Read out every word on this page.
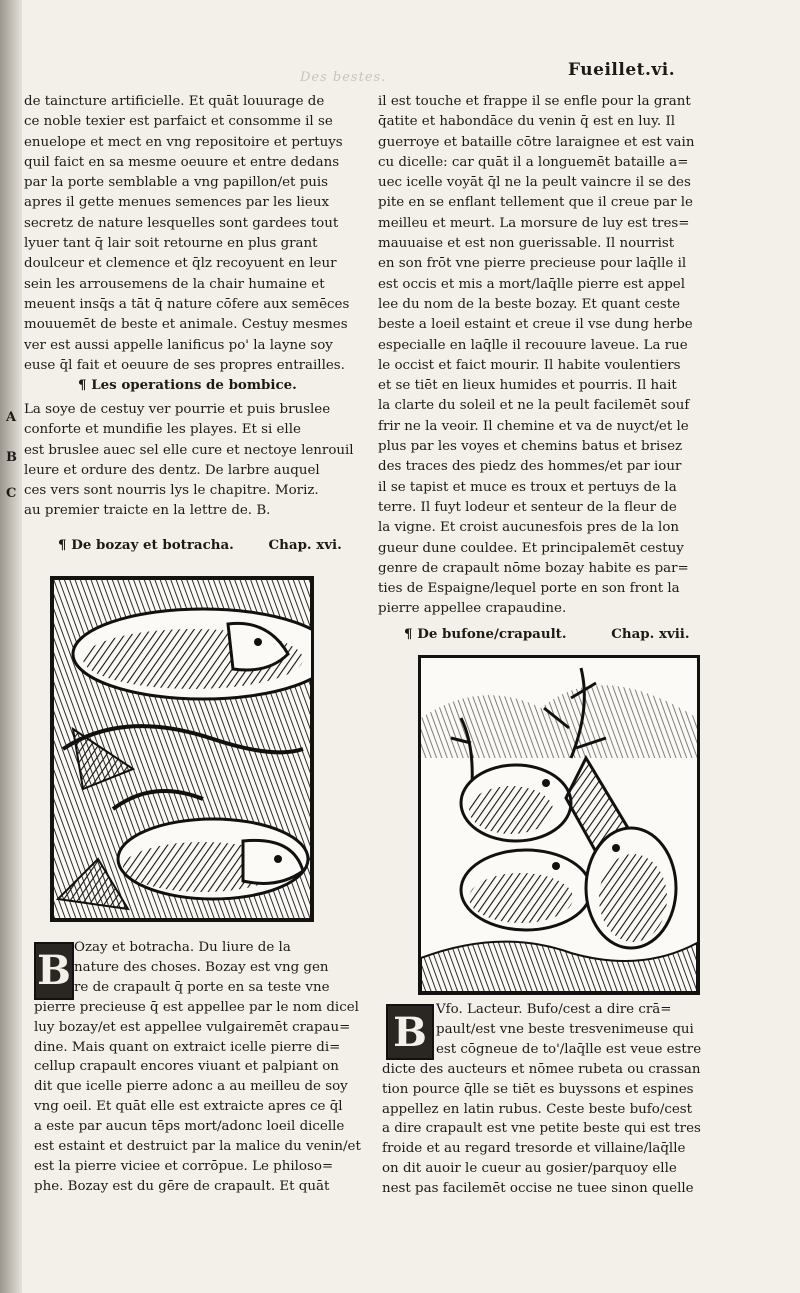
Des bestes.	Fueillet.vi.
de taincture artificielle. Et quāt louurage de
ce noble texier est parfaict et consomme il se
enuelope et mect en vng repositoire et pertuys
quil faict en sa mesme oeuure et entre dedans
par la porte semblable a vng papillon/et puis
apres il gette menues semences par les lieux
secretz de nature lesquelles sont gardees tout
lyuer tant q̄ lair soit retourne en plus grant
doulceur et clemence et q̄lz recoyuent en leur
sein les arrousemens de la chair humaine et
meuent insq̄s a tāt q̄ nature cōfere aux semēces
mouuemēt de beste et animale. Cestuy mesmes
ver est aussi appelle lanificus po' la layne soy
euse q̄l fait et oeuure de ses propres entrailles.
¶ Les operations de bombice.
La soye de cestuy ver pourrie et puis bruslee
conforte et mundifie les playes. Et si elle
est bruslee auec sel elle cure et nectoye lenrouil
leure et ordure des dentz. De larbre auquel
ces vers sont nourris lys le chapitre. Moriz.
au premier traicte en la lettre de. B.
A
B
C
¶ De bozay et botracha.	Chap. xvi.
B Ozay et botracha. Du liure de la
nature des choses. Bozay est vng gen
re de crapault q̄ porte en sa teste vne
pierre precieuse q̄ est appellee par le nom dicel
luy bozay/et est appellee vulgairemēt crapau=
dine. Mais quant on extraict icelle pierre di=
cellup crapault encores viuant et palpiant on
dit que icelle pierre adonc a au meilleu de soy
vng oeil. Et quāt elle est extraicte apres ce q̄l
a este par aucun tēps mort/adonc loeil dicelle
est estaint et destruict par la malice du venin/et
est la pierre viciee et corrōpue. Le philoso=
phe. Bozay est du gēre de crapault. Et quāt
il est touche et frappe il se enfle pour la grant
q̄atite et habondāce du venin q̄ est en luy. Il
guerroye et bataille cōtre laraignee et est vain
cu dicelle: car quāt il a longuemēt bataille a=
uec icelle voyāt q̄l ne la peult vaincre il se des
pite en se enflant tellement que il creue par le
meilleu et meurt. La morsure de luy est tres=
mauuaise et est non guerissable. Il nourrist
en son frōt vne pierre precieuse pour laq̄lle il
est occis et mis a mort/laq̄lle pierre est appel
lee du nom de la beste bozay. Et quant ceste
beste a loeil estaint et creue il vse dung herbe
especialle en laq̄lle il recouure laveue. La rue
le occist et faict mourir. Il habite voulentiers
et se tiēt en lieux humides et pourris. Il hait
la clarte du soleil et ne la peult facilemēt souf
frir ne la veoir. Il chemine et va de nuyct/et le
plus par les voyes et chemins batus et brisez
des traces des piedz des hommes/et par iour
il se tapist et muce es troux et pertuys de la
terre. Il fuyt lodeur et senteur de la fleur de
la vigne. Et croist aucunesfois pres de la lon
gueur dune couldee. Et principalemēt cestuy
genre de crapault nōme bozay habite es par=
ties de Espaigne/lequel porte en son front la
pierre appellee crapaudine.
¶ De bufone/crapault.	Chap. xvii.
B Vfo. Lacteur. Bufo/cest a dire crā=
pault/est vne beste tresvenimeuse qui
est cōgneue de to'/laq̄lle est veue estre
dicte des aucteurs et nōmee rubeta ou crassan
tion pource q̄lle se tiēt es buyssons et espines
appellez en latin rubus. Ceste beste bufo/cest
a dire crapault est vne petite beste qui est tres
froide et au regard tresorde et villaine/laq̄lle
on dit auoir le cueur au gosier/parquoy elle
nest pas facilemēt occise ne tuee sinon quelle
